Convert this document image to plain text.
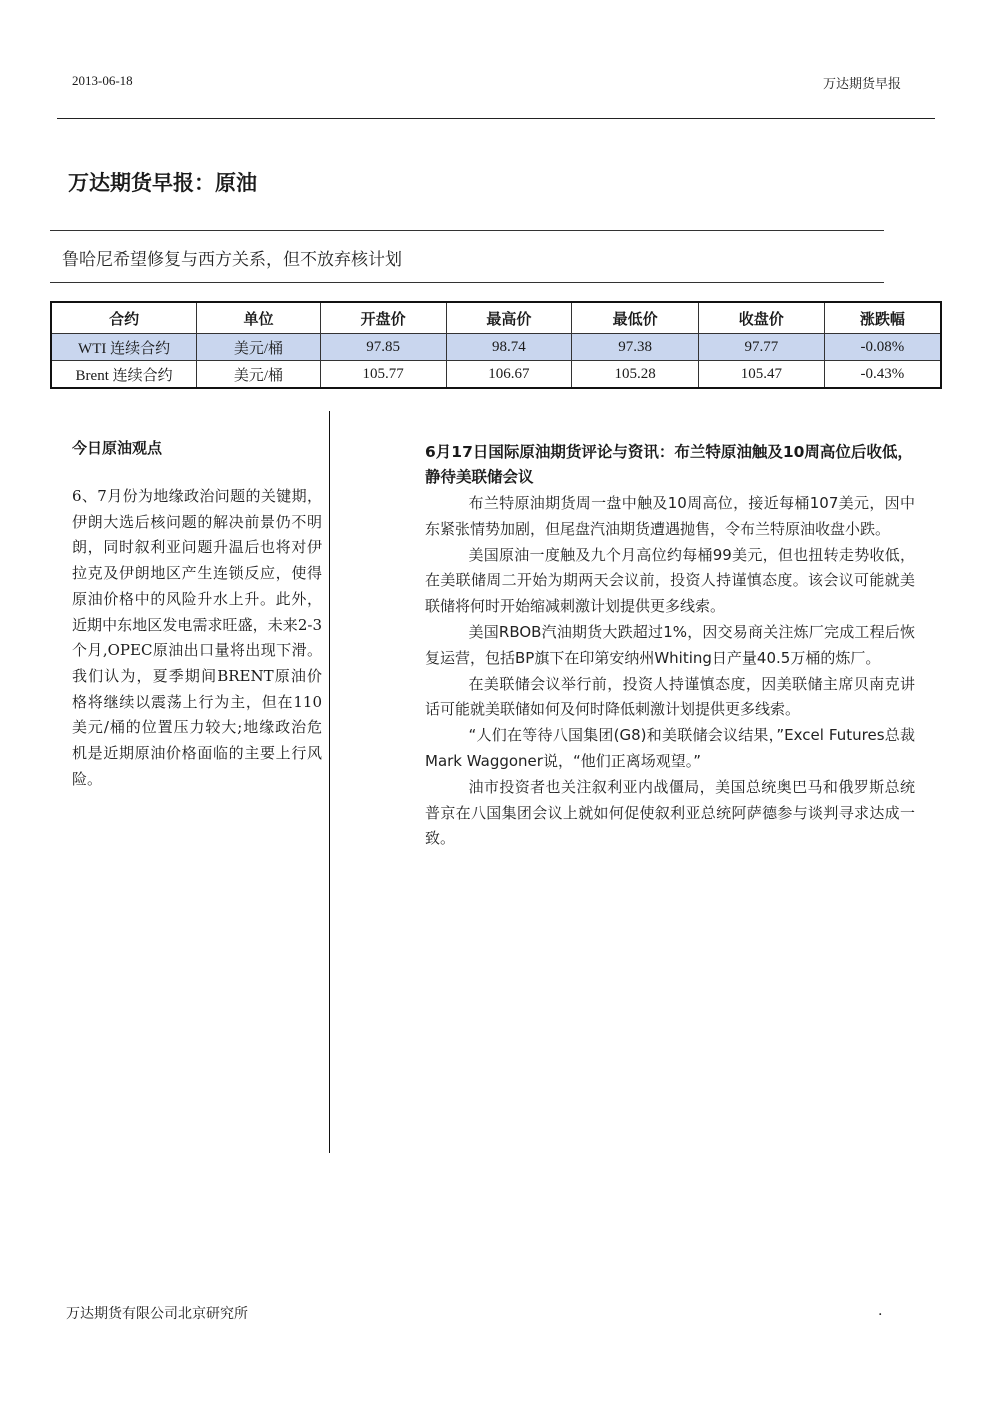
2013-06-18	万达期货早报
万达期货早报：原油
鲁哈尼希望修复与西方关系，但不放弃核计划
合约	单位	开盘价	最高价	最低价	收盘价	涨跌幅
WTI 连续合约	美元/桶	97.85	98.74	97.38	97.77	-0.08%
Brent 连续合约	美元/桶	105.77	106.67	105.28	105.47	-0.43%
今日原油观点
6、7月份为地缘政治问题的关键期，伊朗大选后核问题的解决前景仍不明朗，同时叙利亚问题升温后也将对伊拉克及伊朗地区产生连锁反应，使得原油价格中的风险升水上升。此外，近期中东地区发电需求旺盛，未来2-3个月,OPEC原油出口量将出现下滑。我们认为，夏季期间BRENT原油价格将继续以震荡上行为主，但在110美元/桶的位置压力较大;地缘政治危机是近期原油价格面临的主要上行风险。
6月17日国际原油期货评论与资讯：布兰特原油触及10周高位后收低，静待美联储会议

布兰特原油期货周一盘中触及10周高位，接近每桶107美元，因中东紧张情势加剧，但尾盘汽油期货遭遇抛售，令布兰特原油收盘小跌。

美国原油一度触及九个月高位约每桶99美元，但也扭转走势收低，在美联储周二开始为期两天会议前，投资人持谨慎态度。该会议可能就美联储将何时开始缩减刺激计划提供更多线索。

美国RBOB汽油期货大跌超过1%，因交易商关注炼厂完成工程后恢复运营，包括BP旗下在印第安纳州Whiting日产量40.5万桶的炼厂。

在美联储会议举行前，投资人持谨慎态度，因美联储主席贝南克讲话可能就美联储如何及何时降低刺激计划提供更多线索。

“人们在等待八国集团(G8)和美联储会议结果，”Excel Futures总裁Mark Waggoner说，“他们正离场观望。”

油市投资者也关注叙利亚内战僵局，美国总统奥巴马和俄罗斯总统普京在八国集团会议上就如何促使叙利亚总统阿萨德参与谈判寻求达成一致。

万达期货有限公司北京研究所	.
